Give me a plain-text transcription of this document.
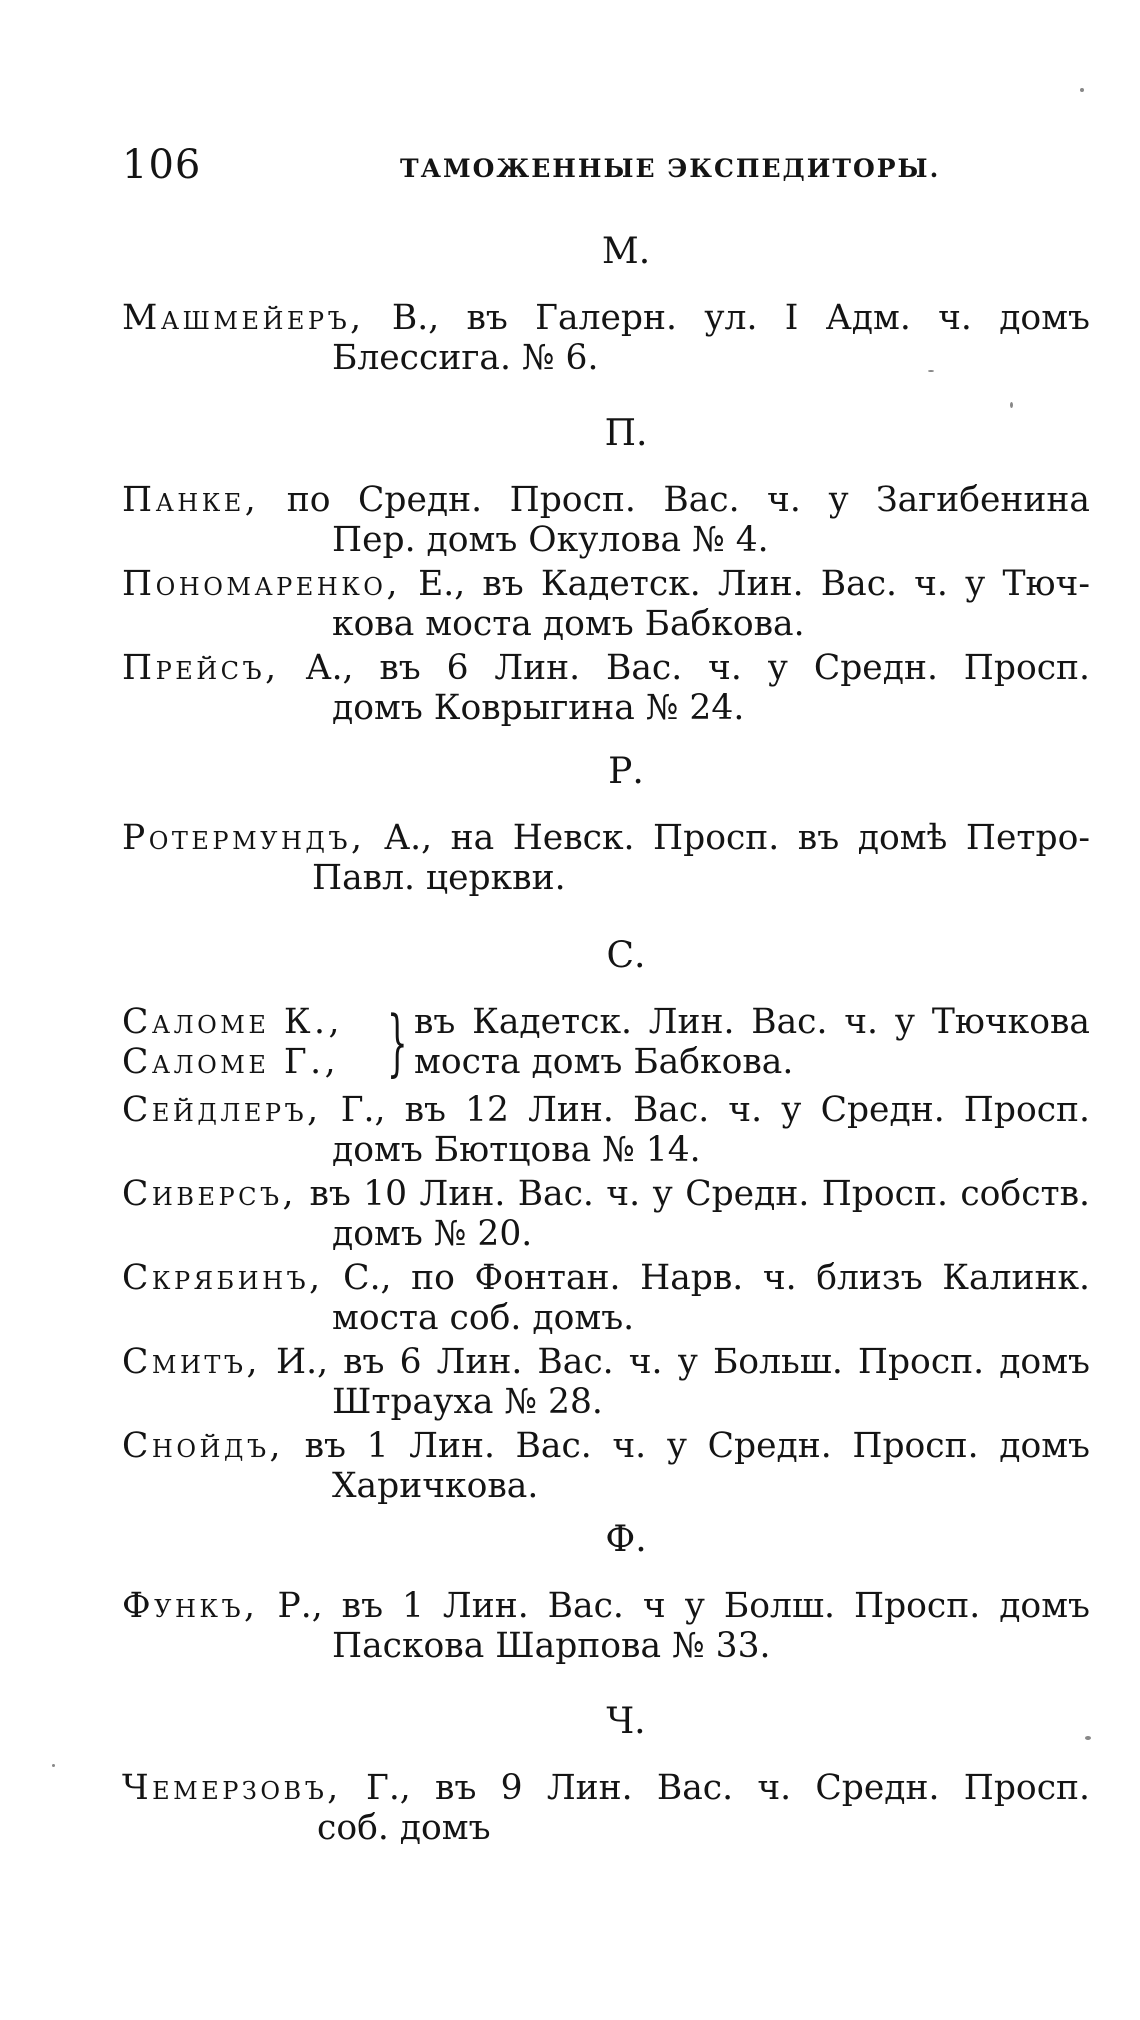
106	ТАМОЖЕННЫЕ ЭКСПЕДИТОРЫ.
М.
Машмейеръ, В., въ Галерн. ул. I Адм. ч. домъ
Блессига. № 6.
П.
Панке, по Средн. Просп. Вас. ч. у Загибенина
Пер. домъ Окулова № 4.
Пономаренко, Е., въ Кадетск. Лин. Вас. ч. у Тюч-
кова моста домъ Бабкова.
Прейсъ, А., въ 6 Лин. Вас. ч. у Средн. Просп.
домъ Коврыгина № 24.
Р.
Ротермундъ, А., на Невск. Просп. въ домѣ Петро-
Павл. церкви.
С.
Саломе К.,
Саломе Г., } въ Кадетск. Лин. Вас. ч. у Тючкова
моста домъ Бабкова.
Сейдлеръ, Г., въ 12 Лин. Вас. ч. у Средн. Просп.
домъ Бютцова № 14.
Сиверсъ, въ 10 Лин. Вас. ч. у Средн. Просп. собств.
домъ № 20.
Скрябинъ, С., по Фонтан. Нарв. ч. близъ Калинк.
моста соб. домъ.
Смитъ, И., въ 6 Лин. Вас. ч. у Больш. Просп. домъ
Штрауха № 28.
Снойдъ, въ 1 Лин. Вас. ч. у Средн. Просп. домъ
Харичкова.
Ф.
Функъ, Р., въ 1 Лин. Вас. ч у Болш. Просп. домъ
Паскова Шарпова № 33.
Ч.
Чемерзовъ, Г., въ 9 Лин. Вас. ч. Средн. Просп.
соб. домъ
